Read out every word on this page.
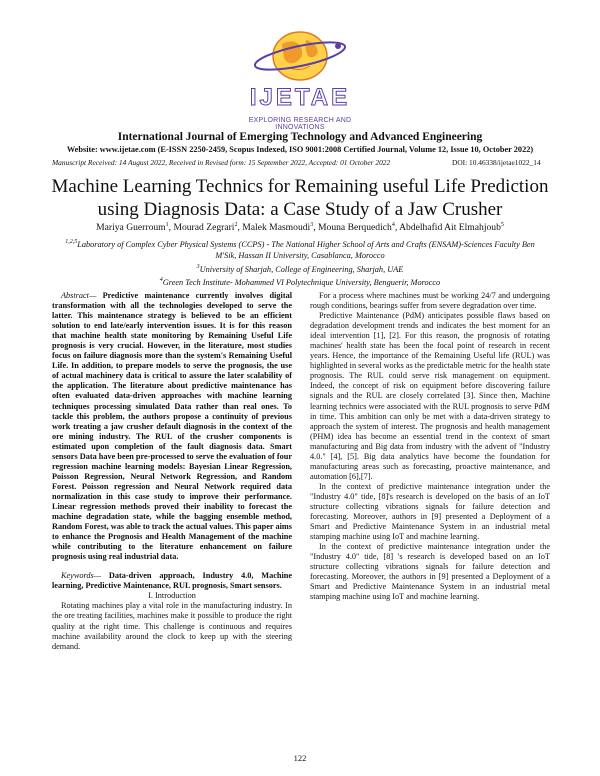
IJETAE
EXPLORING RESEARCH AND INNOVATIONS
International Journal of Emerging Technology and Advanced Engineering
Website: www.ijetae.com (E-ISSN 2250-2459, Scopus Indexed, ISO 9001:2008 Certified Journal, Volume 12, Issue 10, October 2022)
Manuscript Received: 14 August 2022, Received in Revised form: 15 September 2022, Accepted: 01 October 2022	DOI: 10.46338/ijetae1022_14
Machine Learning Technics for Remaining useful Life Prediction using Diagnosis Data: a Case Study of a Jaw Crusher
Mariya Guerroum$^1$, Mourad Zegrari$^2$, Malek Masmoudi$^3$, Mouna Berquedich$^4$, Abdelhafid Ait Elmahjoub$^5$
$^{1,2,5}$Laboratory of Complex Cyber Physical Systems (CCPS) - The National Higher School of Arts and Crafts (ENSAM)-Sciences Faculty Ben M'Sik, Hassan II University, Casablanca, Morocco
$^3$University of Sharjah, College of Engineering, Sharjah, UAE
$^4$Green Tech Institute- Mohammed VI Polytechnique University, Benguerir, Morocco

Abstract— Predictive maintenance currently involves digital transformation with all the technologies developed to serve the latter. This maintenance strategy is believed to be an efficient solution to end late/early intervention issues. It is for this reason that machine health state monitoring by Remaining Useful Life prognosis is very crucial. However, in the literature, most studies focus on failure diagnosis more than the system's Remaining Useful Life. In addition, to prepare models to serve the prognosis, the use of actual machinery data is critical to assure the later scalability of the application. The literature about predictive maintenance has often evaluated data-driven approaches with machine learning techniques processing simulated Data rather than real ones. To tackle this problem, the authors propose a continuity of previous work treating a jaw crusher default diagnosis in the context of the ore mining industry. The RUL of the crusher components is estimated upon completion of the fault diagnosis data. Smart sensors Data have been pre-processed to serve the evaluation of four regression machine learning models: Bayesian Linear Regression, Poisson Regression, Neural Network Regression, and Random Forest. Poisson regression and Neural Network required data normalization in this case study to improve their performance. Linear regression methods proved their inability to forecast the machine degradation state, while the bagging ensemble method, Random Forest, was able to track the actual values. This paper aims to enhance the Prognosis and Health Management of the machine while contributing to the literature enhancement on failure prognosis using real industrial data.

Keywords— Data-driven approach, Industry 4.0, Machine learning, Predictive Maintenance, RUL prognosis, Smart sensors.

I. Introduction

Rotating machines play a vital role in the manufacturing industry. In the ore treating facilities, machines make it possible to produce the right quality at the right time. This challenge is continuous and requires machine availability around the clock to keep up with the steering demand.

For a process where machines must be working 24/7 and undergoing rough conditions, bearings suffer from severe degradation over time.

Predictive Maintenance (PdM) anticipates possible flaws based on degradation development trends and indicates the best moment for an ideal intervention [1], [2]. For this reason, the prognosis of rotating machines' health state has been the focal point of research in recent years. Hence, the importance of the Remaining Useful life (RUL) was highlighted in several works as the predictable metric for the health state prognosis. The RUL could serve risk management on equipment. Indeed, the concept of risk on equipment before discovering failure signals and the RUL are closely correlated [3]. Since then, Machine learning technics were associated with the RUL prognosis to serve PdM in time. This ambition can only be met with a data-driven strategy to approach the system of interest. The prognosis and health management (PHM) idea has become an essential trend in the context of smart manufacturing and Big data from industry with the advent of "Industry 4.0." [4], [5]. Big data analytics have become the foundation for manufacturing areas such as forecasting, proactive maintenance, and automation [6],[7].

In the context of predictive maintenance integration under the "Industry 4.0" tide, [8]'s research is developed on the basis of an IoT structure collecting vibrations signals for failure detection and forecasting. Moreover, authors in [9] presented a Deployment of a Smart and Predictive Maintenance System in an industrial metal stamping machine using IoT and machine learning.

In the context of predictive maintenance integration under the "Industry 4.0" tide, [8] 's research is developed based on an IoT structure collecting vibrations signals for failure detection and forecasting. Moreover, the authors in [9] presented a Deployment of a Smart and Predictive Maintenance System in an industrial metal stamping machine using IoT and machine learning.

122
